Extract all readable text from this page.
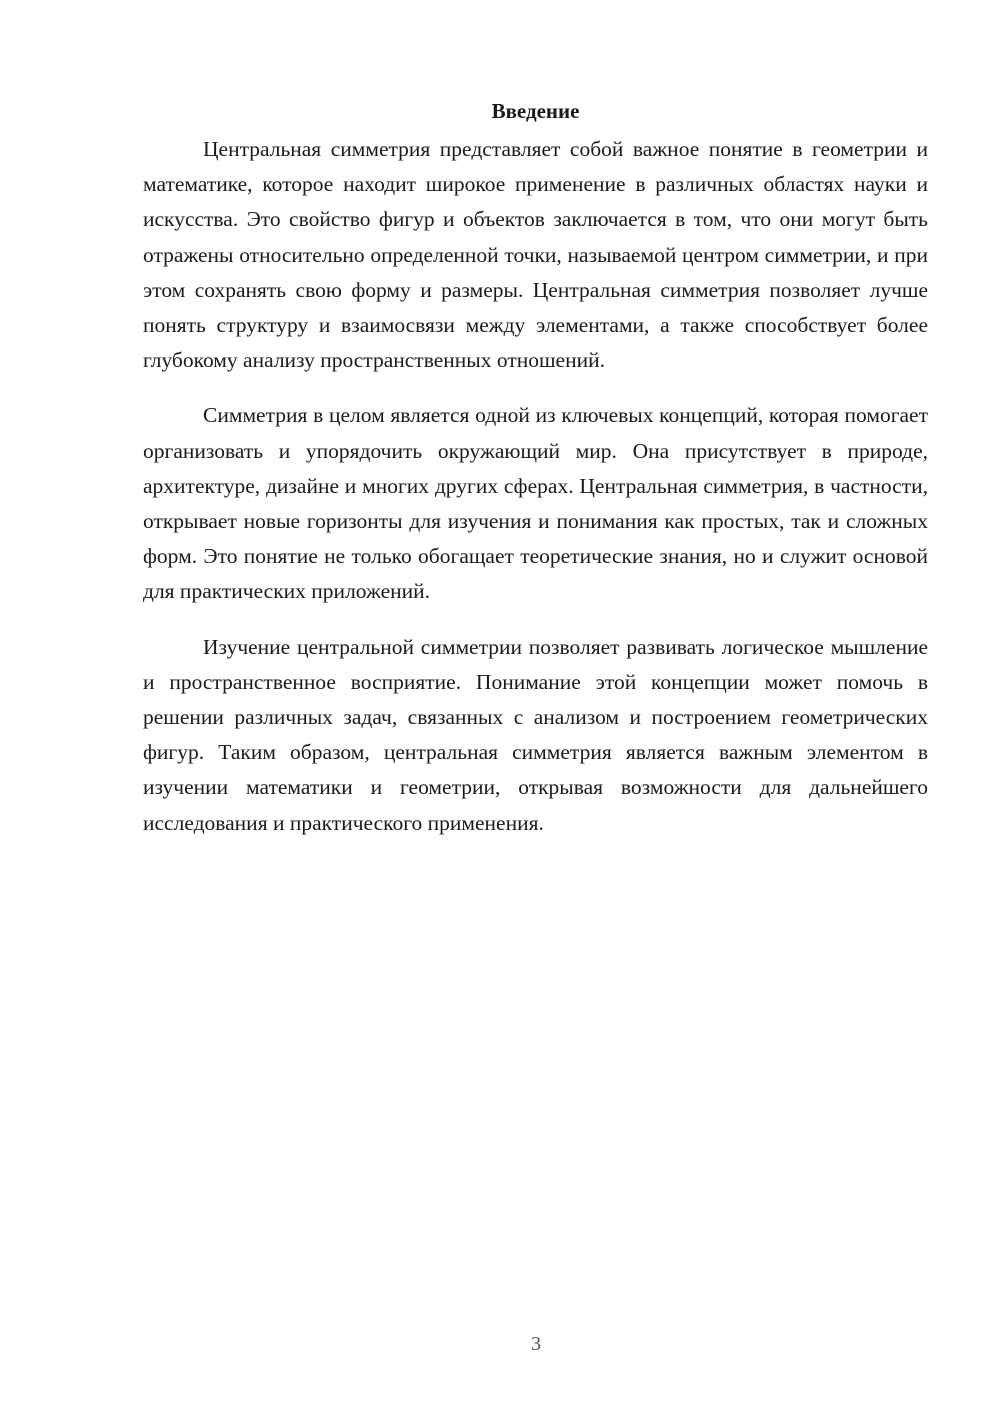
Введение

Центральная симметрия представляет собой важное понятие в геометрии и математике, которое находит широкое применение в различных областях науки и искусства. Это свойство фигур и объектов заключается в том, что они могут быть отражены относительно определенной точки, называемой центром симметрии, и при этом сохранять свою форму и размеры. Центральная симметрия позволяет лучше понять структуру и взаимосвязи между элементами, а также способствует более глубокому анализу пространственных отношений.

Симметрия в целом является одной из ключевых концепций, которая помогает организовать и упорядочить окружающий мир. Она присутствует в природе, архитектуре, дизайне и многих других сферах. Центральная симметрия, в частности, открывает новые горизонты для изучения и понимания как простых, так и сложных форм. Это понятие не только обогащает теоретические знания, но и служит основой для практических приложений.

Изучение центральной симметрии позволяет развивать логическое мышление и пространственное восприятие. Понимание этой концепции может помочь в решении различных задач, связанных с анализом и построением геометрических фигур. Таким образом, центральная симметрия является важным элементом в изучении математики и геометрии, открывая возможности для дальнейшего исследования и практического применения.

3
